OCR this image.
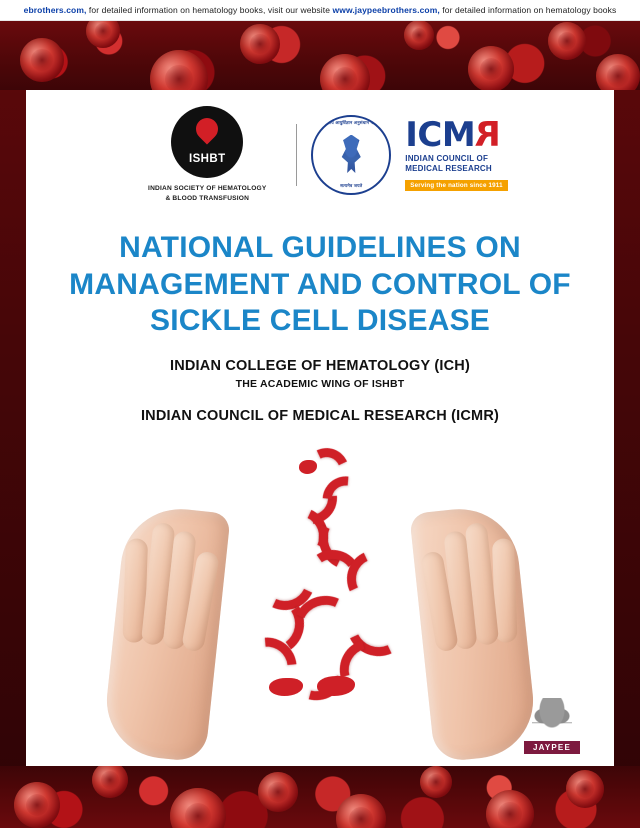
ebrothers.com, for detailed information on hematology books, visit our website www.jaypeebrothers.com, for detailed information on hematology books
ISHBT
INDIAN SOCIETY OF HEMATOLOGY
& BLOOD TRANSFUSION
भारतीय आयुर्विज्ञान अनुसंधान परिषद
सत्यमेव जयते
ICMR
INDIAN COUNCIL OF
MEDICAL RESEARCH
Serving the nation since 1911
NATIONAL GUIDELINES ON
MANAGEMENT AND CONTROL OF
SICKLE CELL DISEASE
INDIAN COLLEGE OF HEMATOLOGY (ICH)
THE ACADEMIC WING OF ISHBT
INDIAN COUNCIL OF MEDICAL RESEARCH (ICMR)
JAYPEE
